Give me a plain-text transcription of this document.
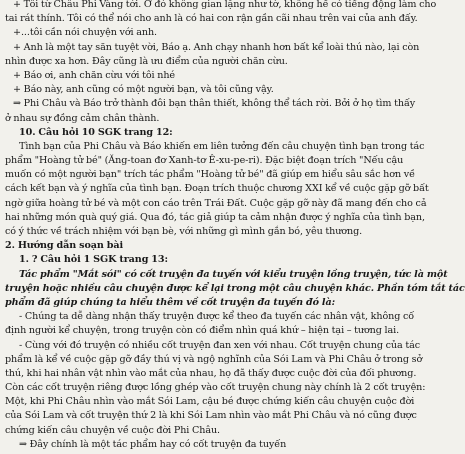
+ Tôi từ Châu Phi Vàng tới. Ở đó không gian lặng như tờ, không hề có tiếng động làm cho
tai rát thính. Tôi có thể nói cho anh là có hai con rận gần cãi nhau trên vai của anh đấy.
+...tôi cần nói chuyện với anh.
+ Anh là một tay săn tuyệt vời, Báo ạ. Anh chạy nhanh hơn bất kể loài thú nào, lại còn
nhìn được xa hơn. Đây cũng là ưu điểm của người chăn cừu.
+ Báo ơi, anh chăn cừu với tôi nhé
+ Báo này, anh cũng có một người bạn, và tôi cũng vậy.
⇒ Phi Châu và Báo trở thành đôi bạn thân thiết, không thể tách rời. Bởi ở họ tìm thấy
ở nhau sự đồng cảm chân thành.
10. Câu hỏi 10 SGK trang 12:
Tình bạn của Phi Châu và Báo khiến em liên tưởng đến câu chuyện tình bạn trong tác
phẩm "Hoàng tử bé" (Ăng-toan đơ Xanh-tơ Ê-xu-pe-ri). Đặc biệt đoạn trích "Nếu cậu
muốn có một người bạn" trích tác phẩm "Hoàng tử bé" đã giúp em hiểu sâu sắc hơn về
cách kết bạn và ý nghĩa của tình bạn. Đoạn trích thuộc chương XXI kể về cuộc gặp gỡ bất
ngờ giữa hoàng tử bé và một con cáo trên Trái Đất. Cuộc gặp gỡ này đã mang đến cho cả
hai những món quà quý giá. Qua đó, tác giả giúp ta cảm nhận được ý nghĩa của tình bạn,
có ý thức về trách nhiệm với bạn bè, với những gì mình gắn bó, yêu thương.
2. Hướng dẫn soạn bài
1. ? Câu hỏi 1 SGK trang 13:
Tác phẩm "Mắt sói" có cốt truyện đa tuyến với kiểu truyện lồng truyện, tức là một
truyện hoặc nhiều câu chuyện được kể lại trong một câu chuyện khác. Phần tóm tắt tác
phẩm đã giúp chúng ta hiểu thêm về cốt truyện đa tuyến đó là:
- Chúng ta dễ dàng nhận thấy truyện được kể theo đa tuyến các nhân vật, không cố
định người kể chuyện, trong truyện còn có điểm nhìn quá khứ – hiện tại – tương lai.
- Cùng với đó truyện có nhiều cốt truyện đan xen với nhau. Cốt truyện chung của tác
phẩm là kể về cuộc gặp gỡ đầy thú vị và ngộ nghĩnh của Sói Lam và Phi Châu ở trong sở
thú, khi hai nhân vật nhìn vào mắt của nhau, họ đã thấy được cuộc đời của đối phương.
Còn các cốt truyện riêng được lồng ghép vào cốt truyện chung này chính là 2 cốt truyện:
Một, khi Phi Châu nhìn vào mắt Sói Lam, cậu bé được chứng kiến câu chuyện cuộc đời
của Sói Lam và cốt truyện thứ 2 là khi Sói Lam nhìn vào mắt Phi Châu và nó cũng được
chứng kiến câu chuyện về cuộc đời Phi Châu.
⇒ Đây chính là một tác phẩm hay có cốt truyện đa tuyến
